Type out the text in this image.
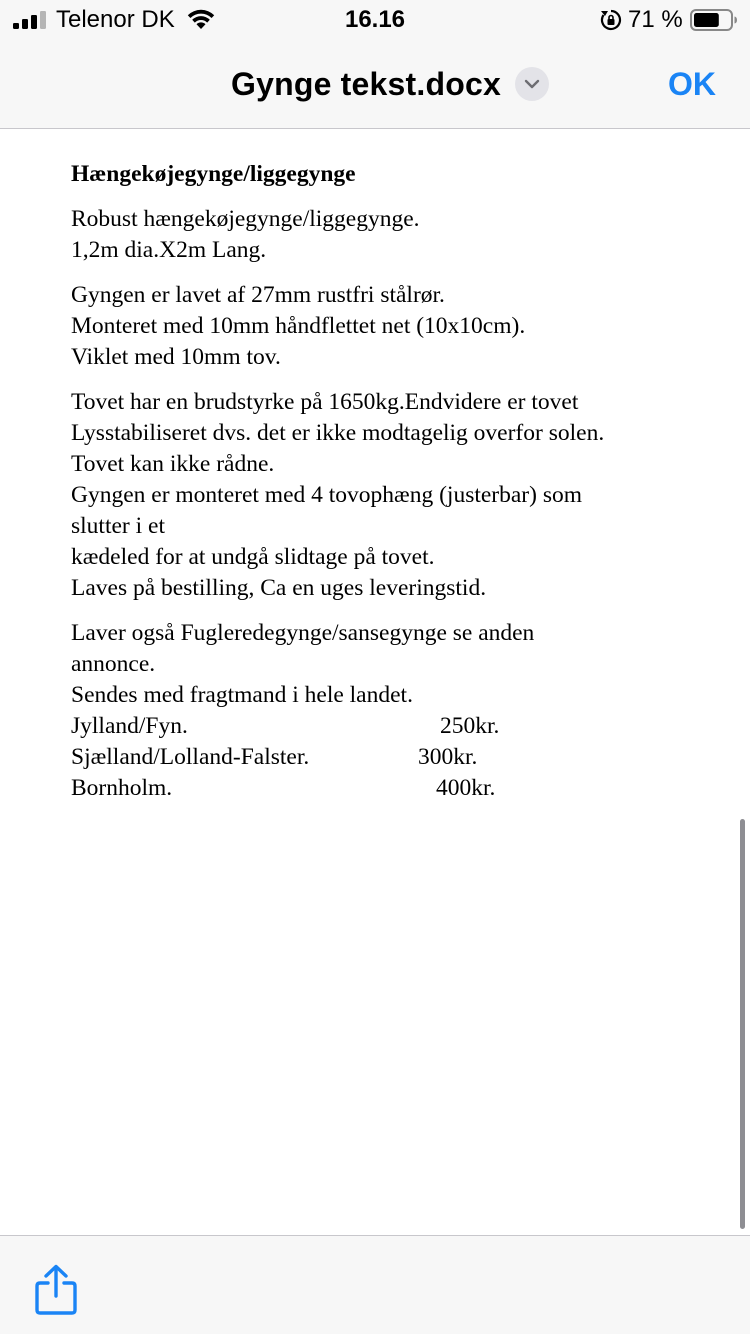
Telenor DK	16.16	71 %
Gynge tekst.docx	OK
Hængekøjegynge/liggegynge
Robust hængekøjegynge/liggegynge.
1,2m dia.X2m Lang.
Gyngen er lavet af 27mm rustfri stålrør.
Monteret med 10mm håndflettet net (10x10cm).
Viklet med 10mm tov.
Tovet har en brudstyrke på 1650kg.Endvidere er tovet
Lysstabiliseret dvs. det er ikke modtagelig overfor solen.
Tovet kan ikke rådne.
Gyngen er monteret med 4 tovophæng (justerbar) som
slutter i et
kædeled for at undgå slidtage på tovet.
Laves på bestilling, Ca en uges leveringstid.
Laver også Fugleredegynge/sansegynge se anden
annonce.
Sendes med fragtmand i hele landet.
Jylland/Fyn.	250kr.
Sjælland/Lolland-Falster.	300kr.
Bornholm.	400kr.
